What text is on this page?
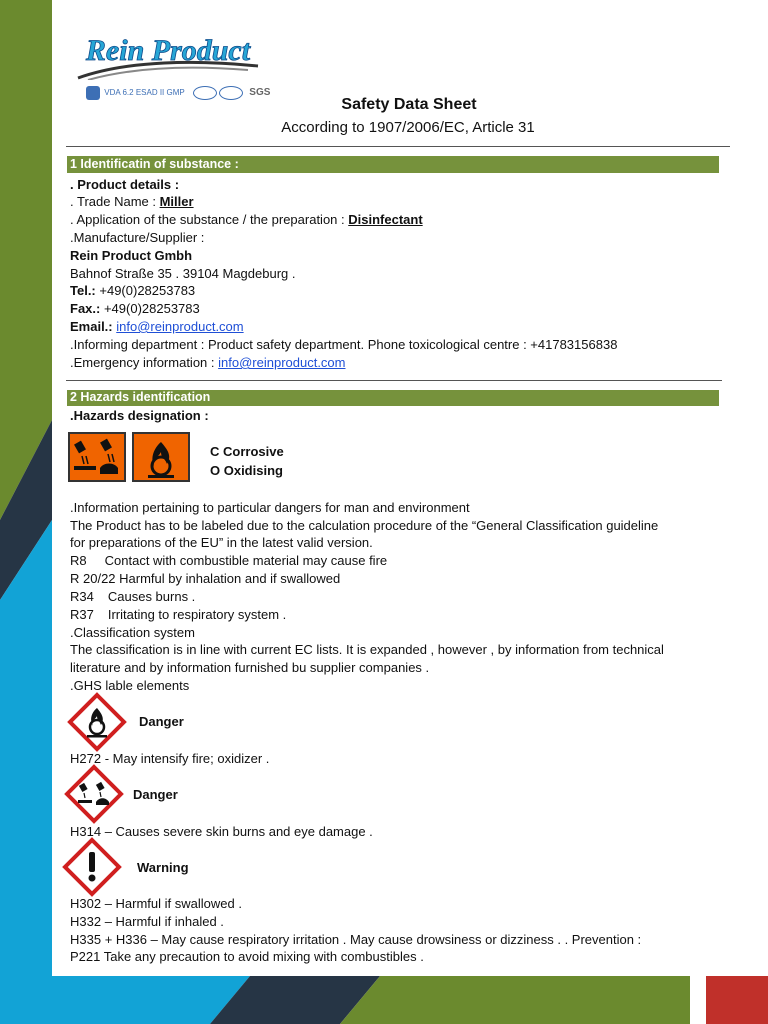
Rein Product
VDA 6.2 ESAD II GMP	SGS
Safety Data Sheet
According to 1907/2006/EC, Article 31
1 Identificatin of substance :
. Product details :
. Trade Name : Miller
. Application of the substance / the preparation : Disinfectant
.Manufacture/Supplier :
Rein Product Gmbh
Bahnof Straße 35 . 39104 Magdeburg .
Tel.: +49(0)28253783
Fax.: +49(0)28253783
Email.: info@reinproduct.com
.Informing department : Product safety department. Phone toxicological centre : +41783156838
.Emergency information : info@reinproduct.com
2 Hazards identification
.Hazards designation :
C Corrosive
O Oxidising
.Information pertaining to particular dangers for man and environment
The Product has to be labeled due to the calculation procedure of the “General Classification guideline
for preparations of the EU” in the latest valid version.
R8 Contact with combustible material may cause fire
R 20/22 Harmful by inhalation and if swallowed
R34 Causes burns .
R37 Irritating to respiratory system .
.Classification system
The classification is in line with current EC lists. It is expanded , however , by information from technical
literature and by information furnished bu supplier companies .
.GHS lable elements
Danger
H272 - May intensify fire; oxidizer .
Danger
H314 – Causes severe skin burns and eye damage .
Warning
H302 – Harmful if swallowed .
H332 – Harmful if inhaled .
H335 + H336 – May cause respiratory irritation . May cause drowsiness or dizziness . . Prevention :
P221 Take any precaution to avoid mixing with combustibles .
